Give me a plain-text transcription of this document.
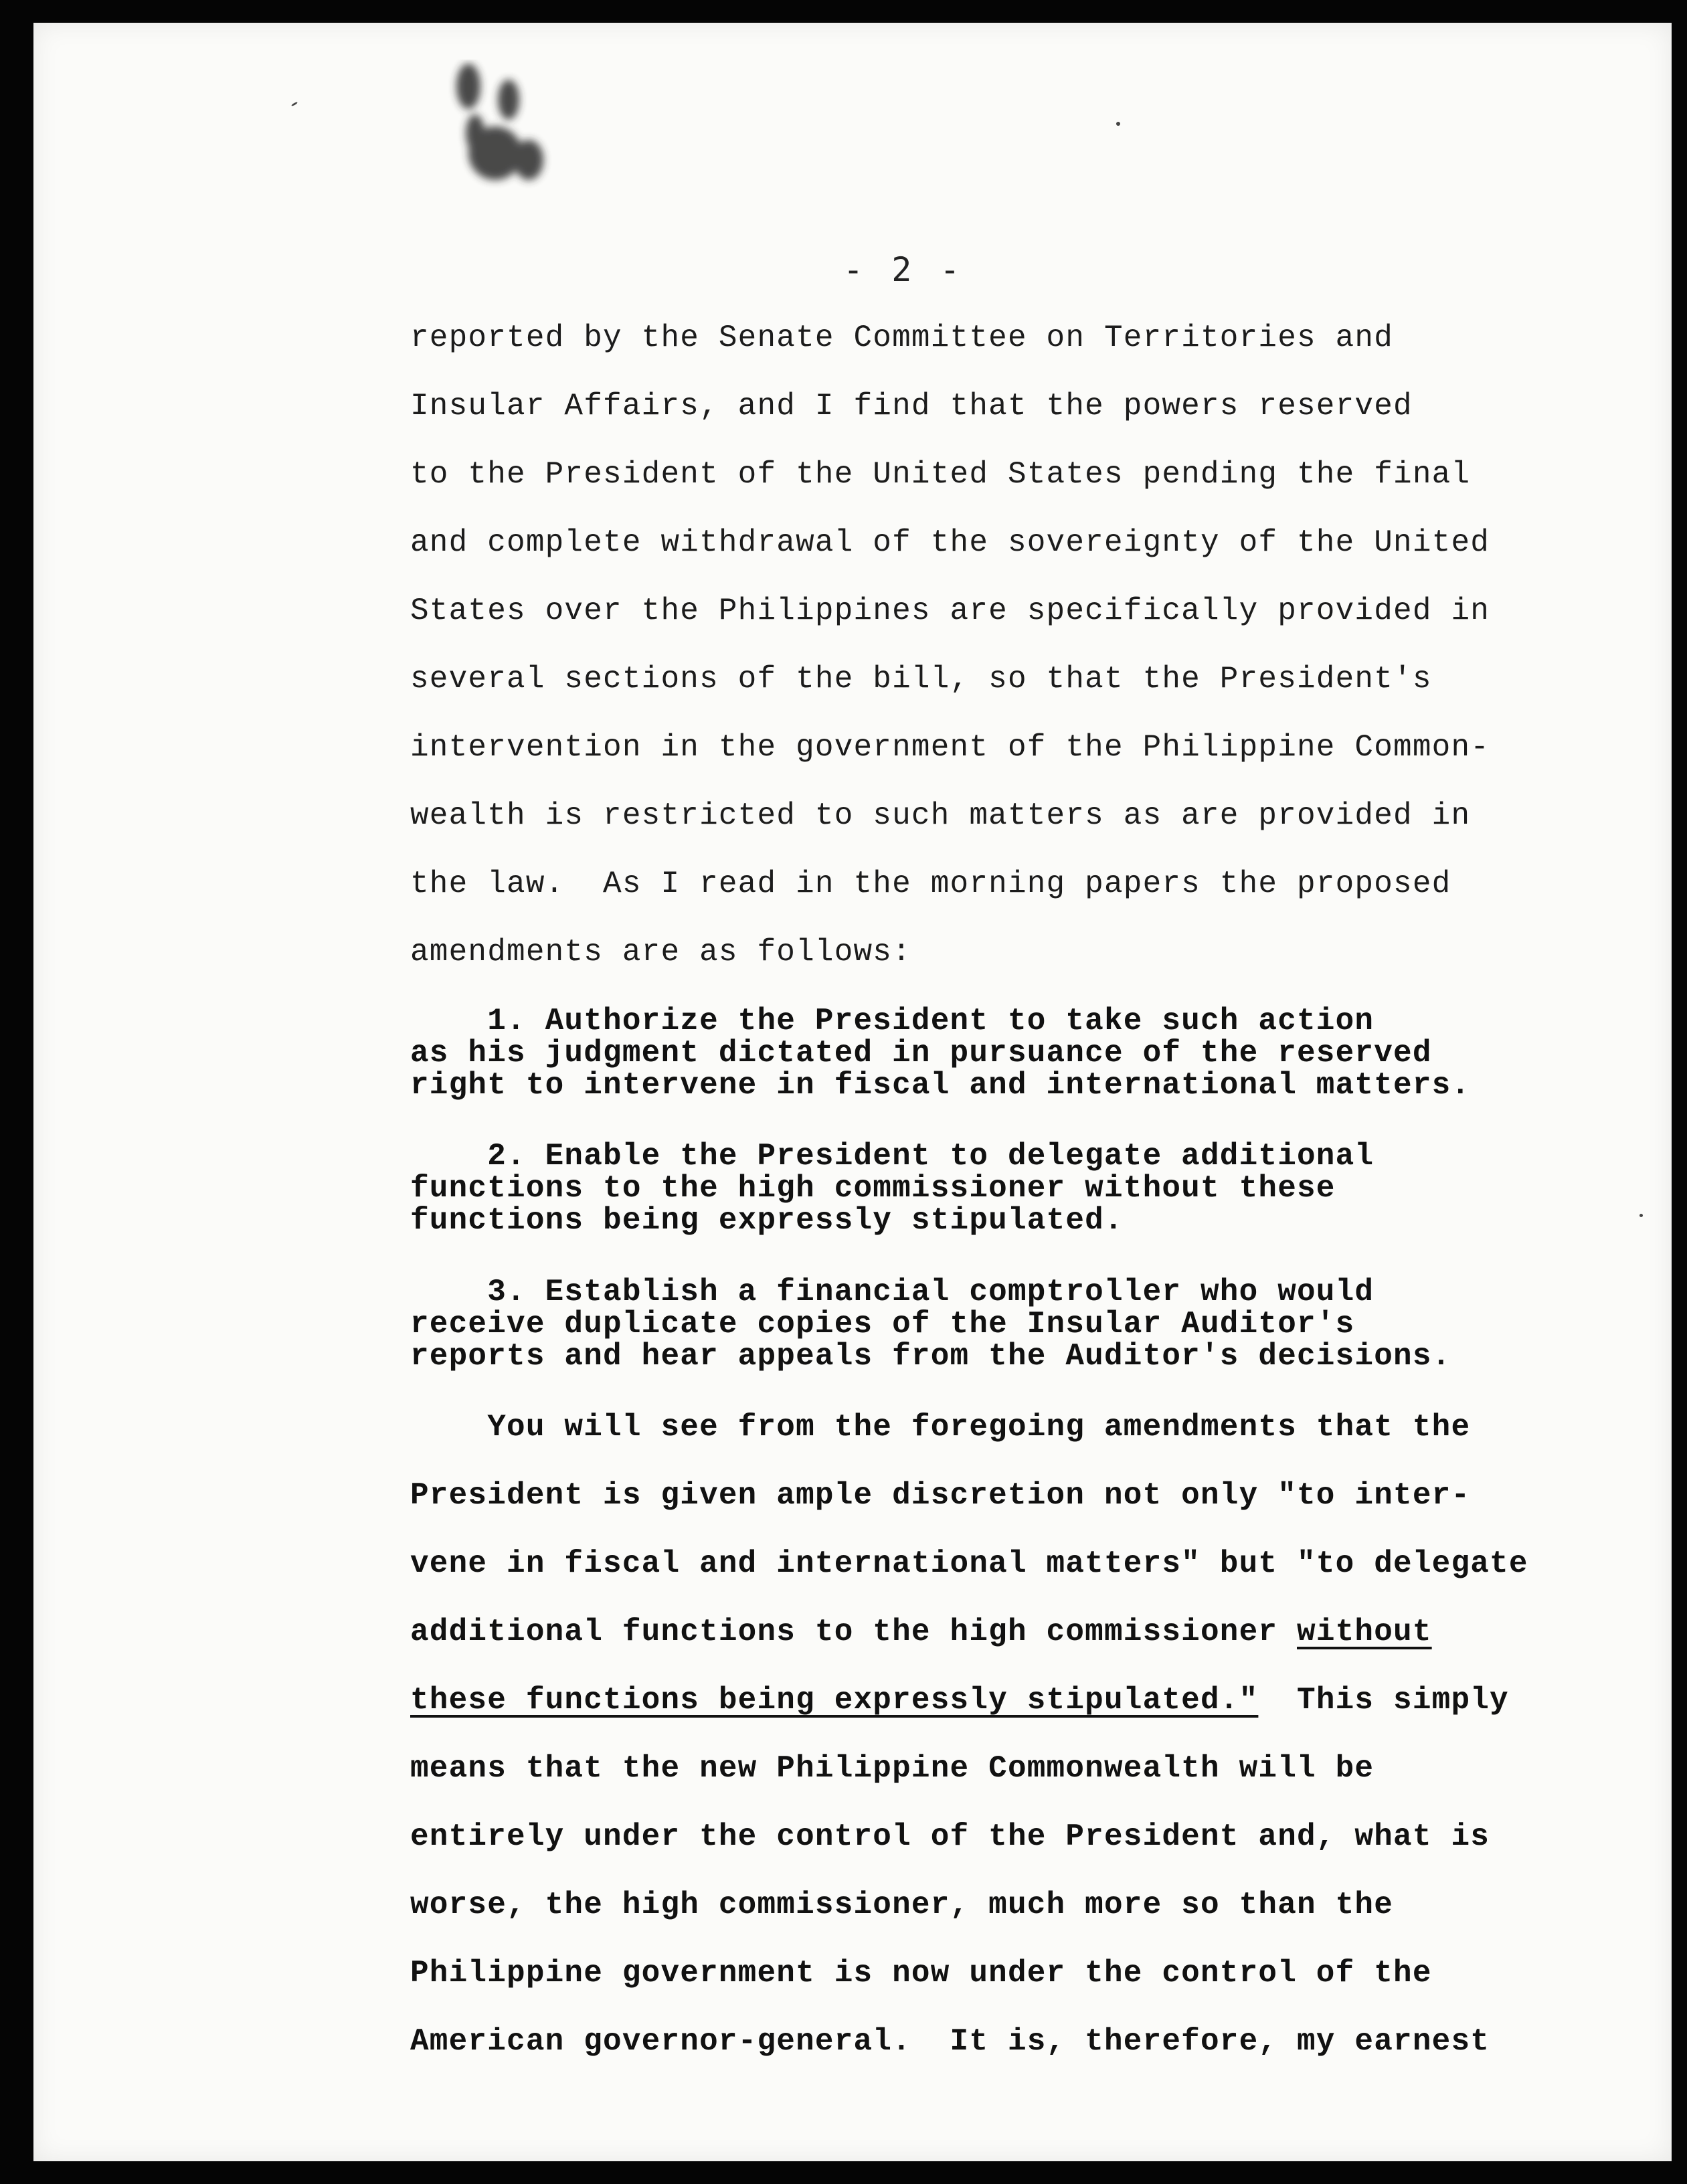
- 2 -
reported by the Senate Committee on Territories and
Insular Affairs, and I find that the powers reserved
to the President of the United States pending the final
and complete withdrawal of the sovereignty of the United
States over the Philippines are specifically provided in
several sections of the bill, so that the President's
intervention in the government of the Philippine Common-
wealth is restricted to such matters as are provided in
the law.  As I read in the morning papers the proposed
amendments are as follows:
1. Authorize the President to take such action
as his judgment dictated in pursuance of the reserved
right to intervene in fiscal and international matters.
2. Enable the President to delegate additional
functions to the high commissioner without these
functions being expressly stipulated.
3. Establish a financial comptroller who would
receive duplicate copies of the Insular Auditor's
reports and hear appeals from the Auditor's decisions.
You will see from the foregoing amendments that the
President is given ample discretion not only "to inter-
vene in fiscal and international matters" but "to delegate
additional functions to the high commissioner without
these functions being expressly stipulated."  This simply
means that the new Philippine Commonwealth will be
entirely under the control of the President and, what is
worse, the high commissioner, much more so than the
Philippine government is now under the control of the
American governor-general.  It is, therefore, my earnest
